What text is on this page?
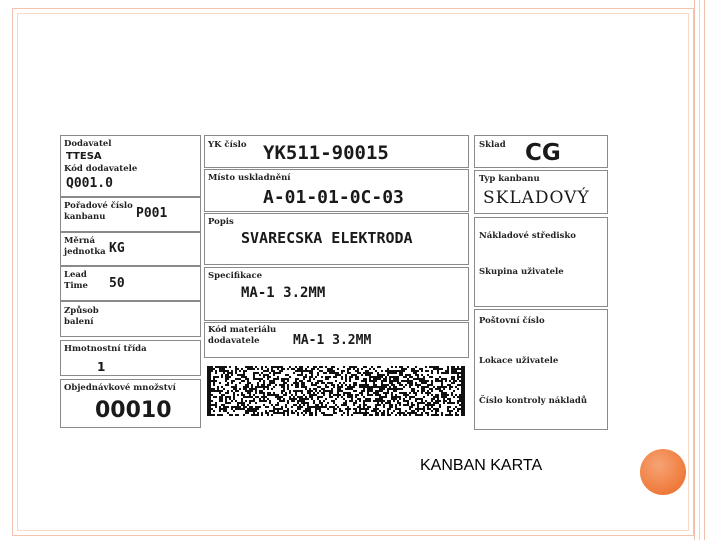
Dodavatel
TTESA
Kód dodavatele
Q001.0
Pořadové číslo kanbanu	P001
Měrná jednotka KG
Lead Time	50
Způsob balení
Hmotnostní třída
1
Objednávkové množství
00010
YK číslo YK511-90015
Místo uskladnění
A-01-01-0C-03
Popis
SVARECSKA ELEKTRODA
Specifikace
MA-1 3.2MM
Kód materiálu dodavatele	MA-1 3.2MM
Sklad CG
Typ kanbanu
SKLADOVÝ
Nákladové středisko
Skupina uživatele
Poštovní číslo
Lokace uživatele
Číslo kontroly nákladů
KANBAN KARTA
